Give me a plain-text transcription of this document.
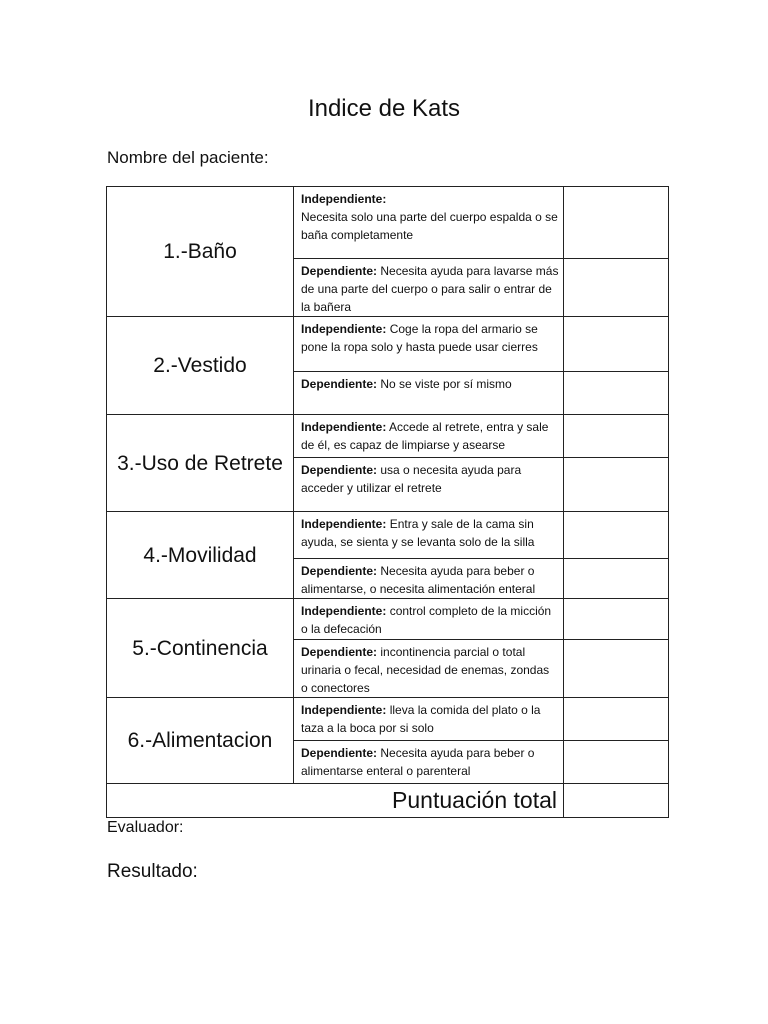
Indice de Kats
Nombre del paciente:
1.-Baño	Independiente:
Necesita solo una parte del cuerpo espalda o se baña completamente	
	Dependiente: Necesita ayuda para lavarse más de una parte del cuerpo o para salir o entrar de la bañera	
2.-Vestido	Independiente: Coge la ropa del armario se pone la ropa solo y hasta puede usar cierres	
	Dependiente: No se viste por sí mismo	
3.-Uso de Retrete	Independiente: Accede al retrete, entra y sale de él, es capaz de limpiarse y asearse	
	Dependiente: usa o necesita ayuda para acceder y utilizar el retrete	
4.-Movilidad	Independiente: Entra y sale de la cama sin ayuda, se sienta y se levanta solo de la silla	
	Dependiente: Necesita ayuda para beber o alimentarse, o necesita alimentación enteral	
5.-Continencia	Independiente: control completo de la micción o la defecación	
	Dependiente: incontinencia parcial o total urinaria o fecal, necesidad de enemas, zondas o conectores	
6.-Alimentacion	Independiente: lleva la comida del plato o la taza a la boca por si solo	
	Dependiente: Necesita ayuda para beber o alimentarse enteral o parenteral	
Puntuación total		
Evaluador:
Resultado:
